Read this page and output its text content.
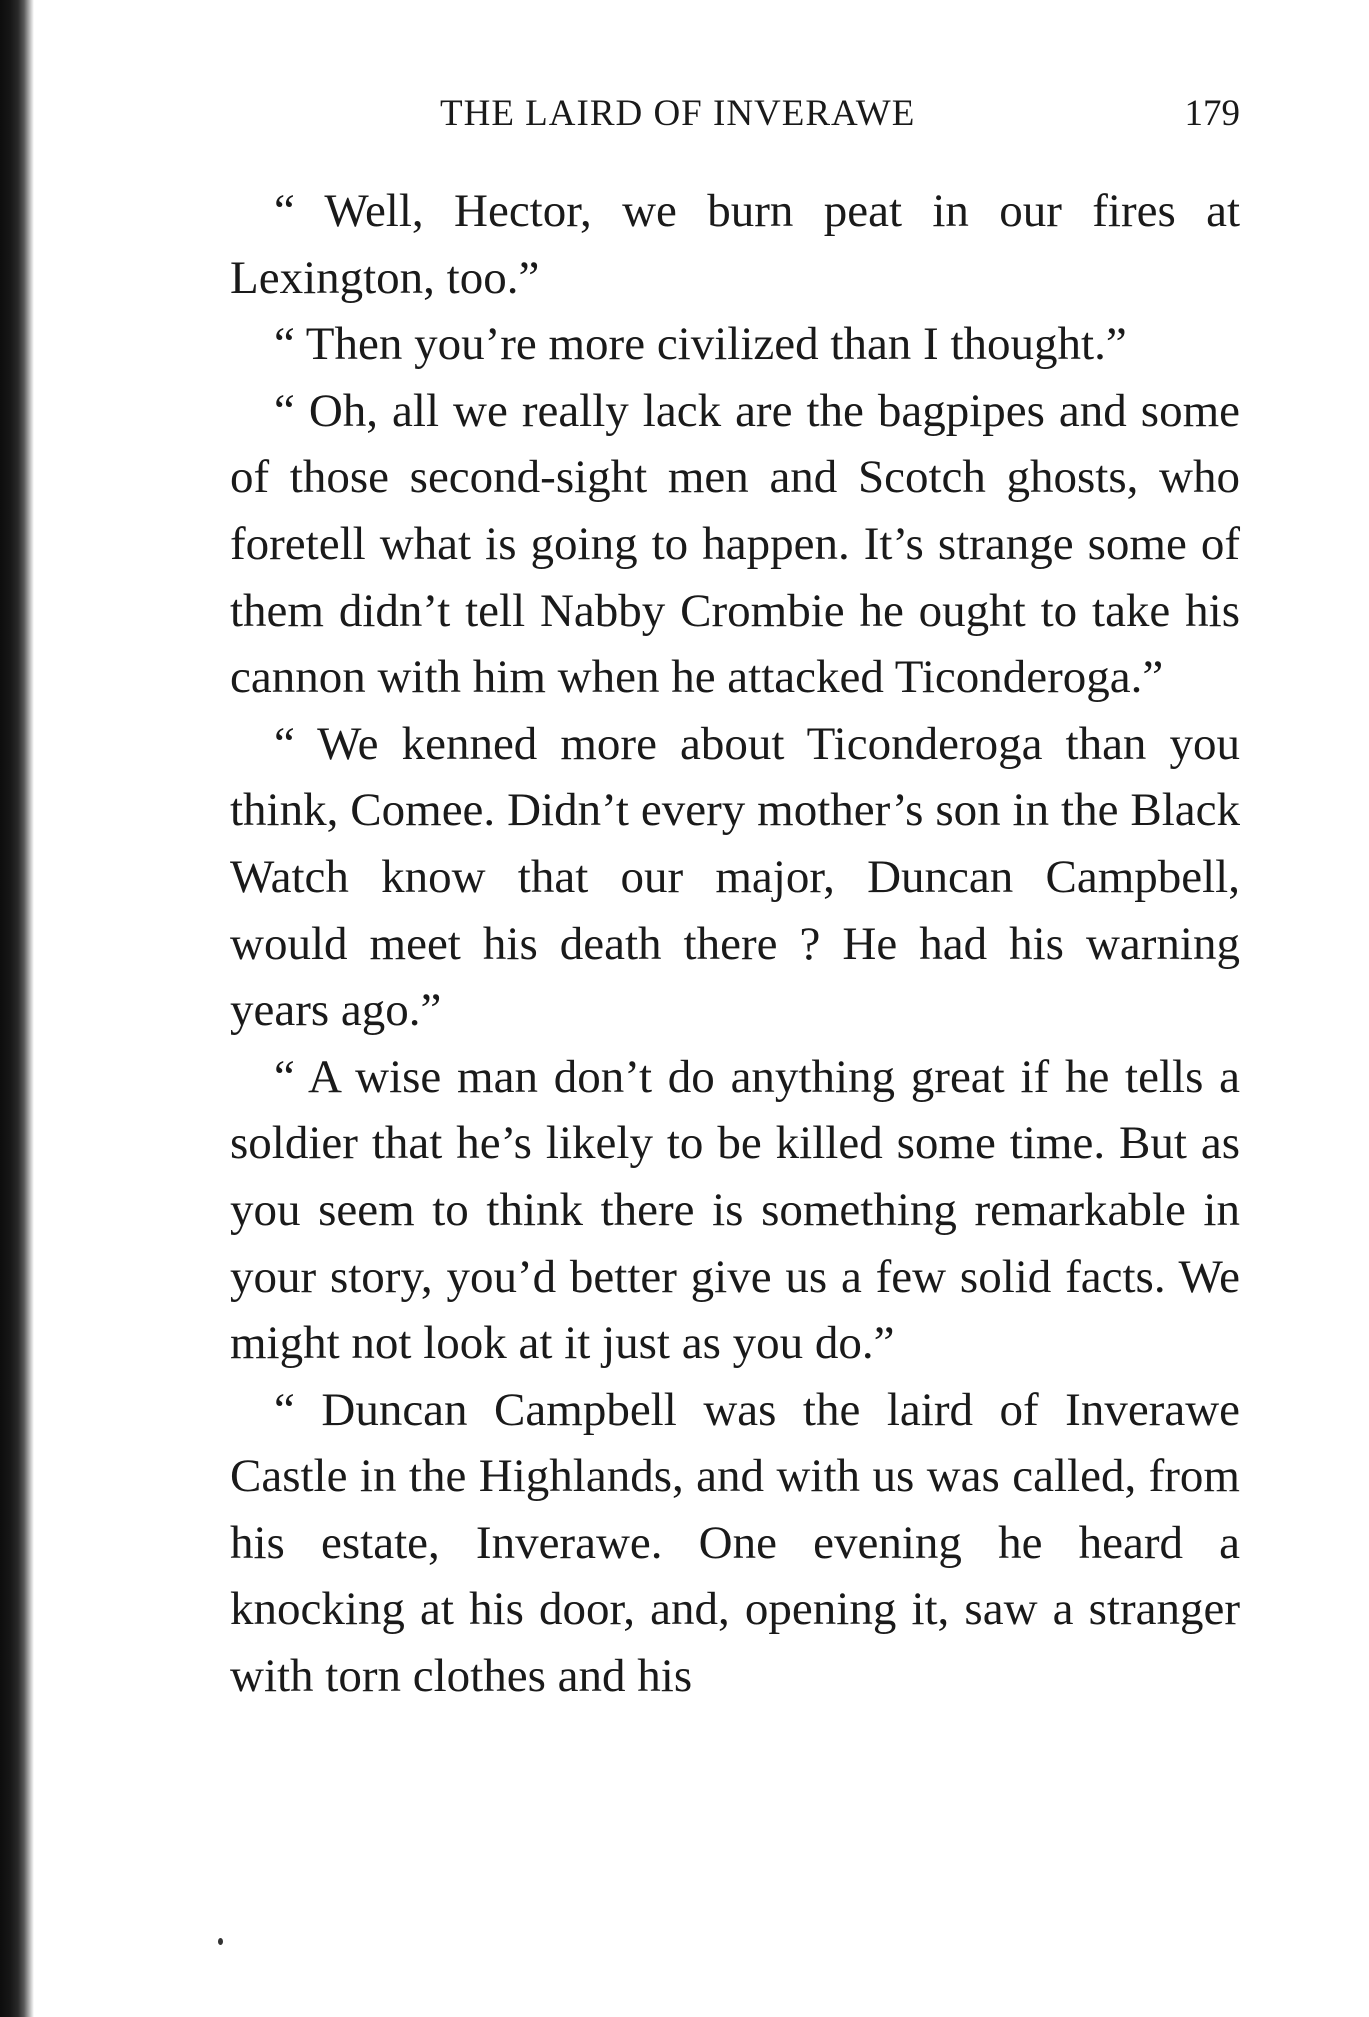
THE LAIRD OF INVERAWE	179

“ Well, Hector, we burn peat in our fires at Lexington, too.”

“ Then you’re more civilized than I thought.”

“ Oh, all we really lack are the bagpipes and some of those second-sight men and Scotch ghosts, who foretell what is going to happen. It’s strange some of them didn’t tell Nabby Crombie he ought to take his cannon with him when he attacked Ticonderoga.”

“ We kenned more about Ticonderoga than you think, Comee. Didn’t every mother’s son in the Black Watch know that our major, Duncan Campbell, would meet his death there ? He had his warning years ago.”

“ A wise man don’t do anything great if he tells a soldier that he’s likely to be killed some time. But as you seem to think there is something remarkable in your story, you’d better give us a few solid facts. We might not look at it just as you do.”

“ Duncan Campbell was the laird of Inverawe Castle in the Highlands, and with us was called, from his estate, Inverawe. One evening he heard a knocking at his door, and, opening it, saw a stranger with torn clothes and his
